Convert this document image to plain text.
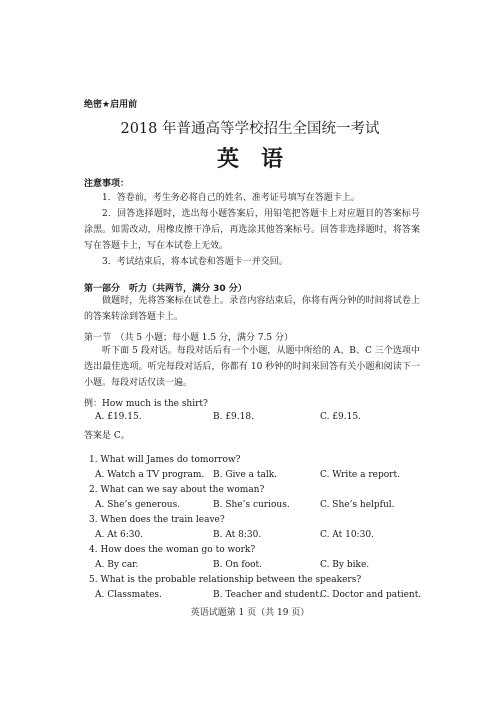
绝密★启用前
2018 年普通高等学校招生全国统一考试
英语
注意事项：
1．答卷前，考生务必将自己的姓名、准考证号填写在答题卡上。
2．回答选择题时，选出每小题答案后，用铅笔把答题卡上对应题目的答案标号涂黑。如需改动，用橡皮擦干净后，再选涂其他答案标号。回答非选择题时，将答案写在答题卡上，写在本试卷上无效。
3．考试结束后，将本试卷和答题卡一并交回。
第一部分　听力（共两节，满分 30 分）
做题时，先将答案标在试卷上。录音内容结束后，你将有两分钟的时间将试卷上的答案转涂到答题卡上。
第一节　（共 5 小题；每小题 1.5 分，满分 7.5 分）
听下面 5 段对话。每段对话后有一个小题，从题中所给的 A、B、C 三个选项中选出最佳选项。听完每段对话后，你都有 10 秒钟的时间来回答有关小题和阅读下一小题。每段对话仅读一遍。
例：How much is the shirt?
A. £19.15.	B. £9.18.	C. £9.15.
答案是 C。
1. What will James do tomorrow?
A. Watch a TV program. B. Give a talk.	C. Write a report.
2. What can we say about the woman?
A. She’s generous.	B. She’s curious.	C. She’s helpful.
3. When does the train leave?
A. At 6:30.	B. At 8:30.	C. At 10:30.
4. How does the woman go to work?
A. By car.	B. On foot.	C. By bike.
5. What is the probable relationship between the speakers?
A. Classmates.	B. Teacher and student.
C. Doctor and patient.
英语试题第 1 页（共 19 页）
